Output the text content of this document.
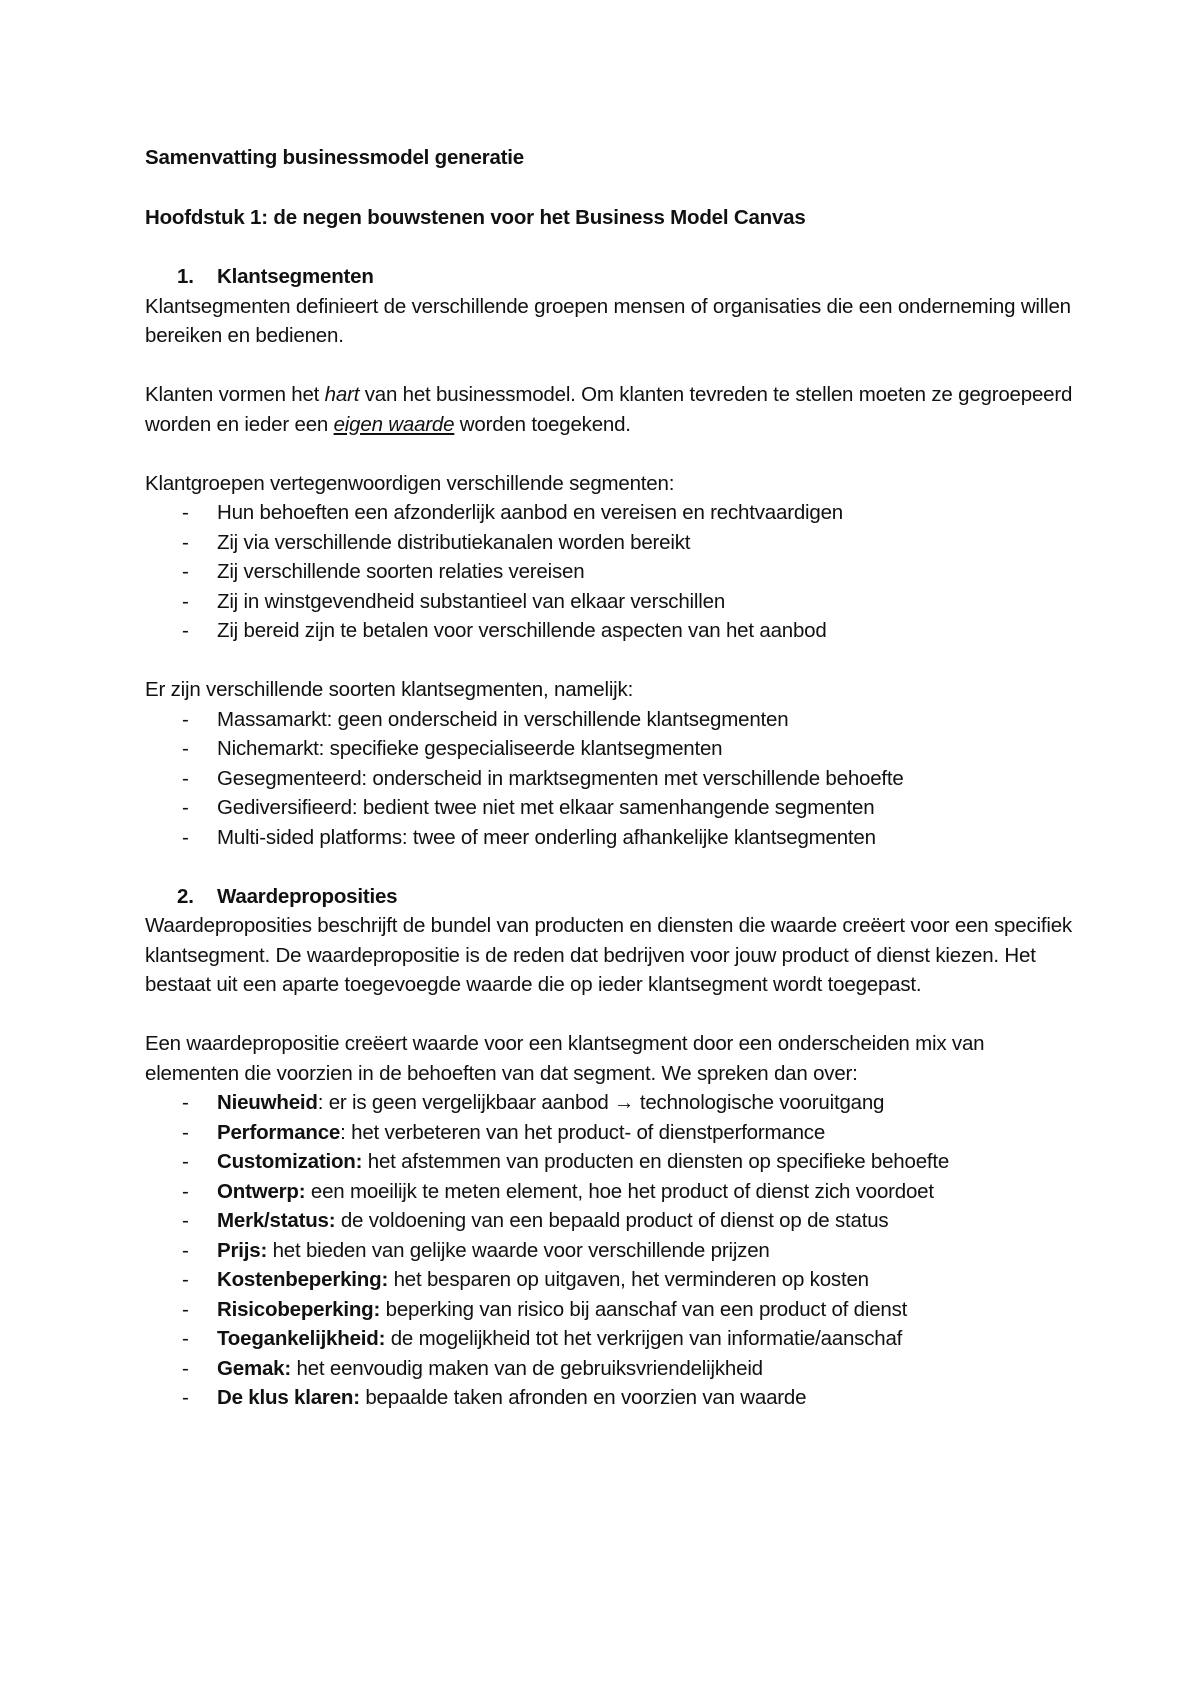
Samenvatting businessmodel generatie

Hoofdstuk 1: de negen bouwstenen voor het Business Model Canvas

1. Klantsegmenten

Klantsegmenten definieert de verschillende groepen mensen of organisaties die een onderneming willen bereiken en bedienen.

Klanten vormen het hart van het businessmodel. Om klanten tevreden te stellen moeten ze gegroepeerd worden en ieder een eigen waarde worden toegekend.

Klantgroepen vertegenwoordigen verschillende segmenten:

- Hun behoeften een afzonderlijk aanbod en vereisen en rechtvaardigen
- Zij via verschillende distributiekanalen worden bereikt
- Zij verschillende soorten relaties vereisen
- Zij in winstgevendheid substantieel van elkaar verschillen
- Zij bereid zijn te betalen voor verschillende aspecten van het aanbod

Er zijn verschillende soorten klantsegmenten, namelijk:

- Massamarkt: geen onderscheid in verschillende klantsegmenten
- Nichemarkt: specifieke gespecialiseerde klantsegmenten
- Gesegmenteerd: onderscheid in marktsegmenten met verschillende behoefte
- Gediversifieerd: bedient twee niet met elkaar samenhangende segmenten
- Multi-sided platforms: twee of meer onderling afhankelijke klantsegmenten
2. Waardeproposities

Waardeproposities beschrijft de bundel van producten en diensten die waarde creëert voor een specifiek klantsegment. De waardepropositie is de reden dat bedrijven voor jouw product of dienst kiezen. Het bestaat uit een aparte toegevoegde waarde die op ieder klantsegment wordt toegepast.

Een waardepropositie creëert waarde voor een klantsegment door een onderscheiden mix van elementen die voorzien in de behoeften van dat segment. We spreken dan over:

- Nieuwheid: er is geen vergelijkbaar aanbod → technologische vooruitgang
- Performance: het verbeteren van het product- of dienstperformance
- Customization: het afstemmen van producten en diensten op specifieke behoefte
- Ontwerp: een moeilijk te meten element, hoe het product of dienst zich voordoet
- Merk/status: de voldoening van een bepaald product of dienst op de status
- Prijs: het bieden van gelijke waarde voor verschillende prijzen
- Kostenbeperking: het besparen op uitgaven, het verminderen op kosten
- Risicobeperking: beperking van risico bij aanschaf van een product of dienst
- Toegankelijkheid: de mogelijkheid tot het verkrijgen van informatie/aanschaf
- Gemak: het eenvoudig maken van de gebruiksvriendelijkheid
- De klus klaren: bepaalde taken afronden en voorzien van waarde
